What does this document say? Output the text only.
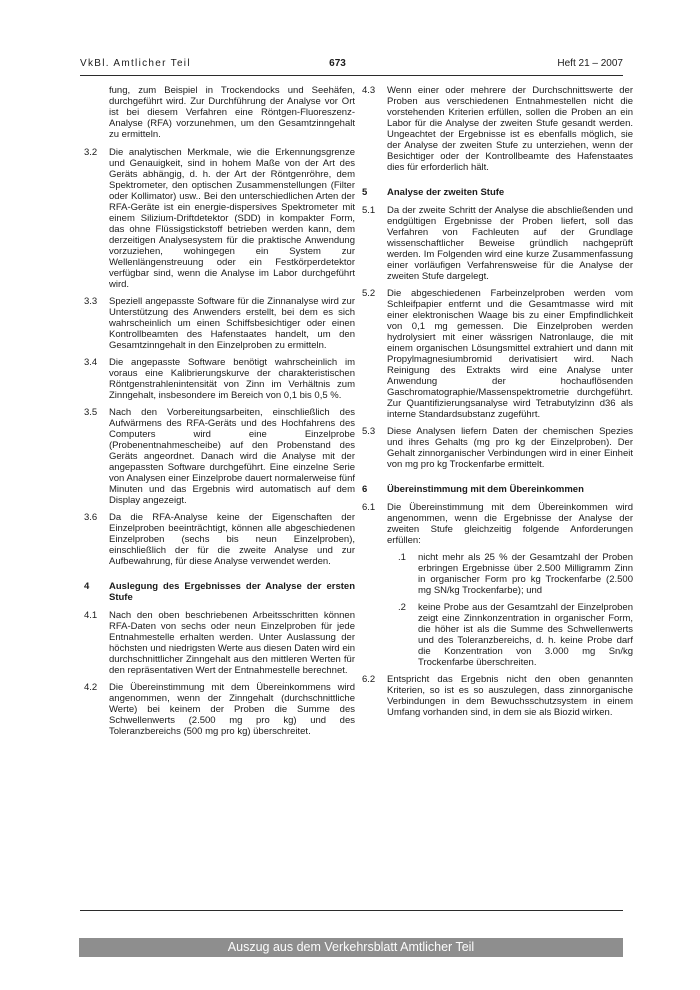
VkBl. Amtlicher Teil	673	Heft 21 – 2007
fung, zum Beispiel in Trockendocks und Seehäfen, durchgeführt wird. Zur Durchführung der Analyse vor Ort ist bei diesem Verfahren eine Röntgen-Fluoreszenz-Analyse (RFA) vorzunehmen, um den Gesamtzinngehalt zu ermitteln.
3.2 Die analytischen Merkmale, wie die Erkennungsgrenze und Genauigkeit, sind in hohem Maße von der Art des Geräts abhängig, d. h. der Art der Röntgenröhre, dem Spektrometer, den optischen Zusammenstellungen (Filter oder Kollimator) usw.. Bei den unterschiedlichen Arten der RFA-Geräte ist ein energie-dispersives Spektrometer mit einem Silizium-Driftdetektor (SDD) in kompakter Form, das ohne Flüssigstickstoff betrieben werden kann, dem derzeitigen Analysesystem für die praktische Anwendung vorzuziehen, wohingegen ein System zur Wellenlängenstreuung oder ein Festkörperdetektor verfügbar sind, wenn die Analyse im Labor durchgeführt wird.
3.3 Speziell angepasste Software für die Zinnanalyse wird zur Unterstützung des Anwenders erstellt, bei dem es sich wahrscheinlich um einen Schiffsbesichtiger oder einen Kontrollbeamten des Hafenstaates handelt, um den Gesamtzinngehalt in den Einzelproben zu ermitteln.
3.4 Die angepasste Software benötigt wahrscheinlich im voraus eine Kalibrierungskurve der charakteristischen Röntgenstrahlenintensität von Zinn im Verhältnis zum Zinngehalt, insbesondere im Bereich von 0,1 bis 0,5 %.
3.5 Nach den Vorbereitungsarbeiten, einschließlich des Aufwärmens des RFA-Geräts und des Hochfahrens des Computers wird eine Einzelprobe (Probenentnahmescheibe) auf den Probenstand des Geräts angeordnet. Danach wird die Analyse mit der angepassten Software durchgeführt. Eine einzelne Serie von Analysen einer Einzelprobe dauert normalerweise fünf Minuten und das Ergebnis wird automatisch auf dem Display angezeigt.
3.6 Da die RFA-Analyse keine der Eigenschaften der Einzelproben beeinträchtigt, können alle abgeschiedenen Einzelproben (sechs bis neun Einzelproben), einschließlich der für die zweite Analyse und zur Aufbewahrung, für diese Analyse verwendet werden.
4 Auslegung des Ergebnisses der Analyse der ersten Stufe
4.1 Nach den oben beschriebenen Arbeitsschritten können RFA-Daten von sechs oder neun Einzelproben für jede Entnahmestelle erhalten werden. Unter Auslassung der höchsten und niedrigsten Werte aus diesen Daten wird ein durchschnittlicher Zinngehalt aus den mittleren Werten für den repräsentativen Wert der Entnahmestelle berechnet.
4.2 Die Übereinstimmung mit dem Übereinkommens wird angenommen, wenn der Zinngehalt (durchschnittliche Werte) bei keinem der Proben die Summe des Schwellenwerts (2.500 mg pro kg) und des Toleranzbereichs (500 mg pro kg) überschreitet.
4.3 Wenn einer oder mehrere der Durchschnittswerte der Proben aus verschiedenen Entnahmestellen nicht die vorstehenden Kriterien erfüllen, sollen die Proben an ein Labor für die Analyse der zweiten Stufe gesandt werden. Ungeachtet der Ergebnisse ist es ebenfalls möglich, sie der Analyse der zweiten Stufe zu unterziehen, wenn der Besichtiger oder der Kontrollbeamte des Hafenstaates dies für erforderlich hält.
5 Analyse der zweiten Stufe
5.1 Da der zweite Schritt der Analyse die abschließenden und endgültigen Ergebnisse der Proben liefert, soll das Verfahren von Fachleuten auf der Grundlage wissenschaftlicher Beweise gründlich nachgeprüft werden. Im Folgenden wird eine kurze Zusammenfassung einer vorläufigen Verfahrensweise für die Analyse der zweiten Stufe dargelegt.
5.2 Die abgeschiedenen Farbeinzelproben werden vom Schleifpapier entfernt und die Gesamtmasse wird mit einer elektronischen Waage bis zu einer Empfindlichkeit von 0,1 mg gemessen. Die Einzelproben werden hydrolysiert mit einer wässrigen Natronlauge, die mit einem organischen Lösungsmittel extrahiert und dann mit Propylmagnesiumbromid derivatisiert wird. Nach Reinigung des Extrakts wird eine Analyse unter Anwendung der hochauflösenden Gaschromatographie/Massenspektrometrie durchgeführt. Zur Quantifizierungsanalyse wird Tetrabutylzinn d36 als interne Standardsubstanz zugeführt.
5.3 Diese Analysen liefern Daten der chemischen Spezies und ihres Gehalts (mg pro kg der Einzelproben). Der Gehalt zinnorganischer Verbindungen wird in einer Einheit von mg pro kg Trockenfarbe ermittelt.
6 Übereinstimmung mit dem Übereinkommen
6.1 Die Übereinstimmung mit dem Übereinkommen wird angenommen, wenn die Ergebnisse der Analyse der zweiten Stufe gleichzeitig folgende Anforderungen erfüllen:
.1 nicht mehr als 25 % der Gesamtzahl der Proben erbringen Ergebnisse über 2.500 Milligramm Zinn in organischer Form pro kg Trockenfarbe (2.500 mg SN/kg Trockenfarbe); und
.2 keine Probe aus der Gesamtzahl der Einzelproben zeigt eine Zinnkonzentration in organischer Form, die höher ist als die Summe des Schwellenwerts und des Toleranzbereichs, d. h. keine Probe darf die Konzentration von 3.000 mg Sn/kg Trockenfarbe überschreiten.
6.2 Entspricht das Ergebnis nicht den oben genannten Kriterien, so ist es so auszulegen, dass zinnorganische Verbindungen in dem Bewuchsschutzsystem in einem Umfang vorhanden sind, in dem sie als Biozid wirken.
Auszug aus dem Verkehrsblatt Amtlicher Teil
